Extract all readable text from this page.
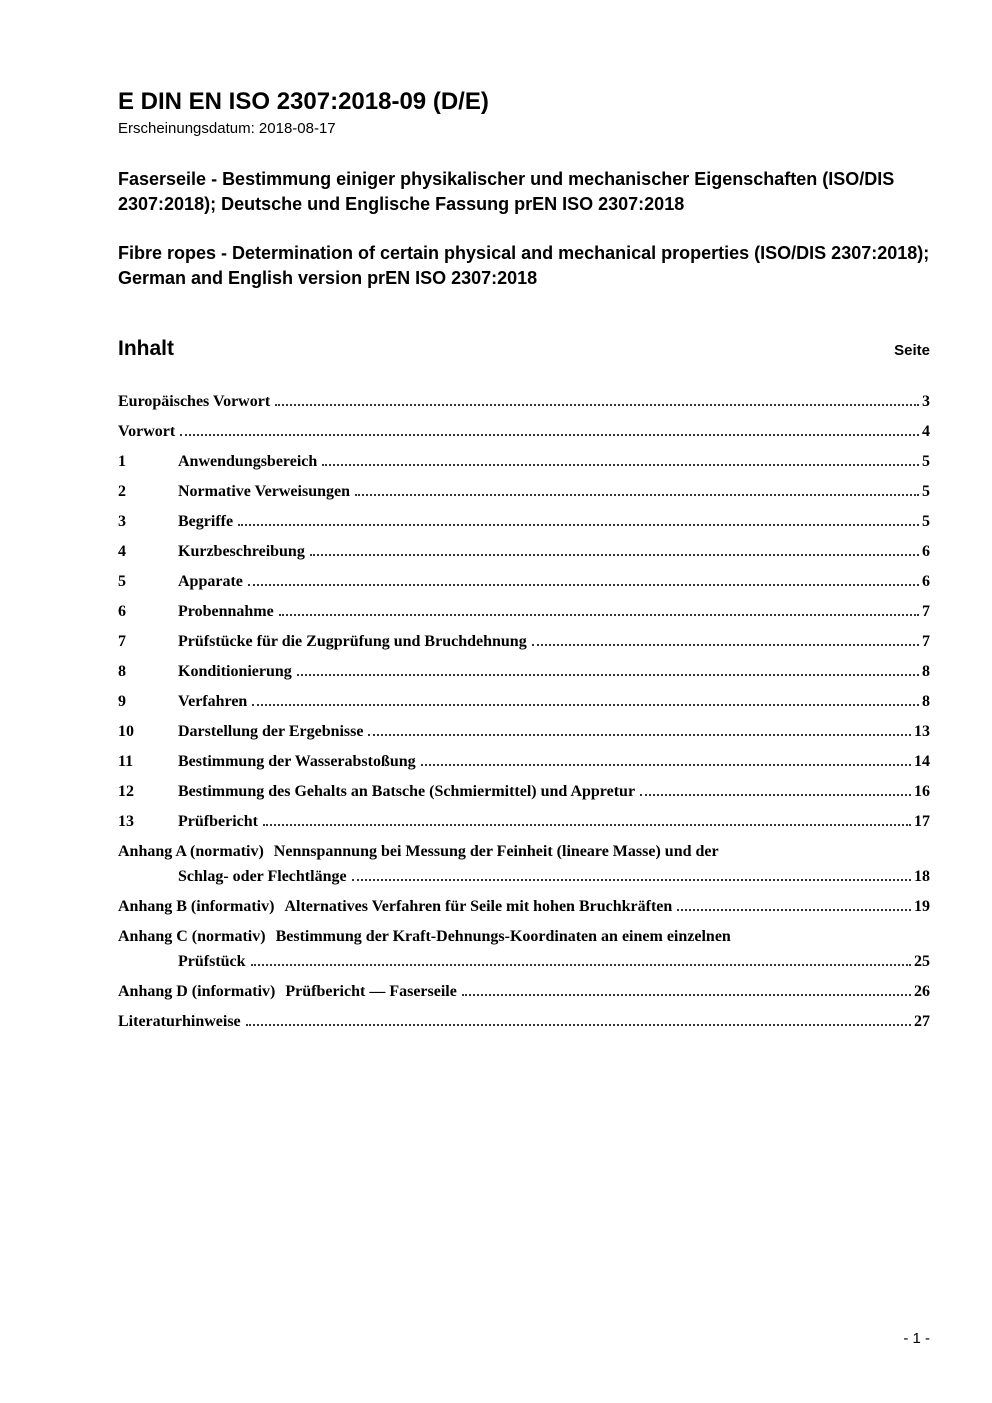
E DIN EN ISO 2307:2018-09 (D/E)
Erscheinungsdatum: 2018-08-17
Faserseile - Bestimmung einiger physikalischer und mechanischer Eigenschaften (ISO/DIS 2307:2018); Deutsche und Englische Fassung prEN ISO 2307:2018
Fibre ropes - Determination of certain physical and mechanical properties (ISO/DIS 2307:2018); German and English version prEN ISO 2307:2018
Inhalt	Seite
Europäisches Vorwort	3
Vorwort	4
1	Anwendungsbereich	5
2	Normative Verweisungen	5
3	Begriffe	5
4	Kurzbeschreibung	6
5	Apparate	6
6	Probennahme	7
7	Prüfstücke für die Zugprüfung und Bruchdehnung	7
8	Konditionierung	8
9	Verfahren	8
10	Darstellung der Ergebnisse	13
11	Bestimmung der Wasserabstoßung	14
12	Bestimmung des Gehalts an Batsche (Schmiermittel) und Appretur	16
13	Prüfbericht	17
Anhang A (normativ) Nennspannung bei Messung der Feinheit (lineare Masse) und der
Schlag- oder Flechtlänge	18
Anhang B (informativ) Alternatives Verfahren für Seile mit hohen Bruchkräften	19
Anhang C (normativ) Bestimmung der Kraft-Dehnungs-Koordinaten an einem einzelnen
Prüfstück	25
Anhang D (informativ) Prüfbericht — Faserseile	26
Literaturhinweise	27
- 1 -
